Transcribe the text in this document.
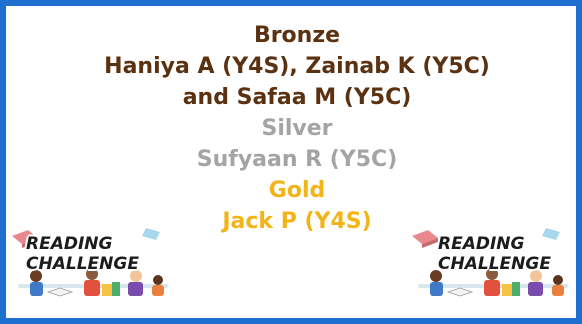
Bronze
Haniya A (Y4S), Zainab K (Y5C)
and Safaa M (Y5C)
Silver
Sufyaan R (Y5C)
Gold
Jack P (Y4S)
READING
CHALLENGE
READING
CHALLENGE
